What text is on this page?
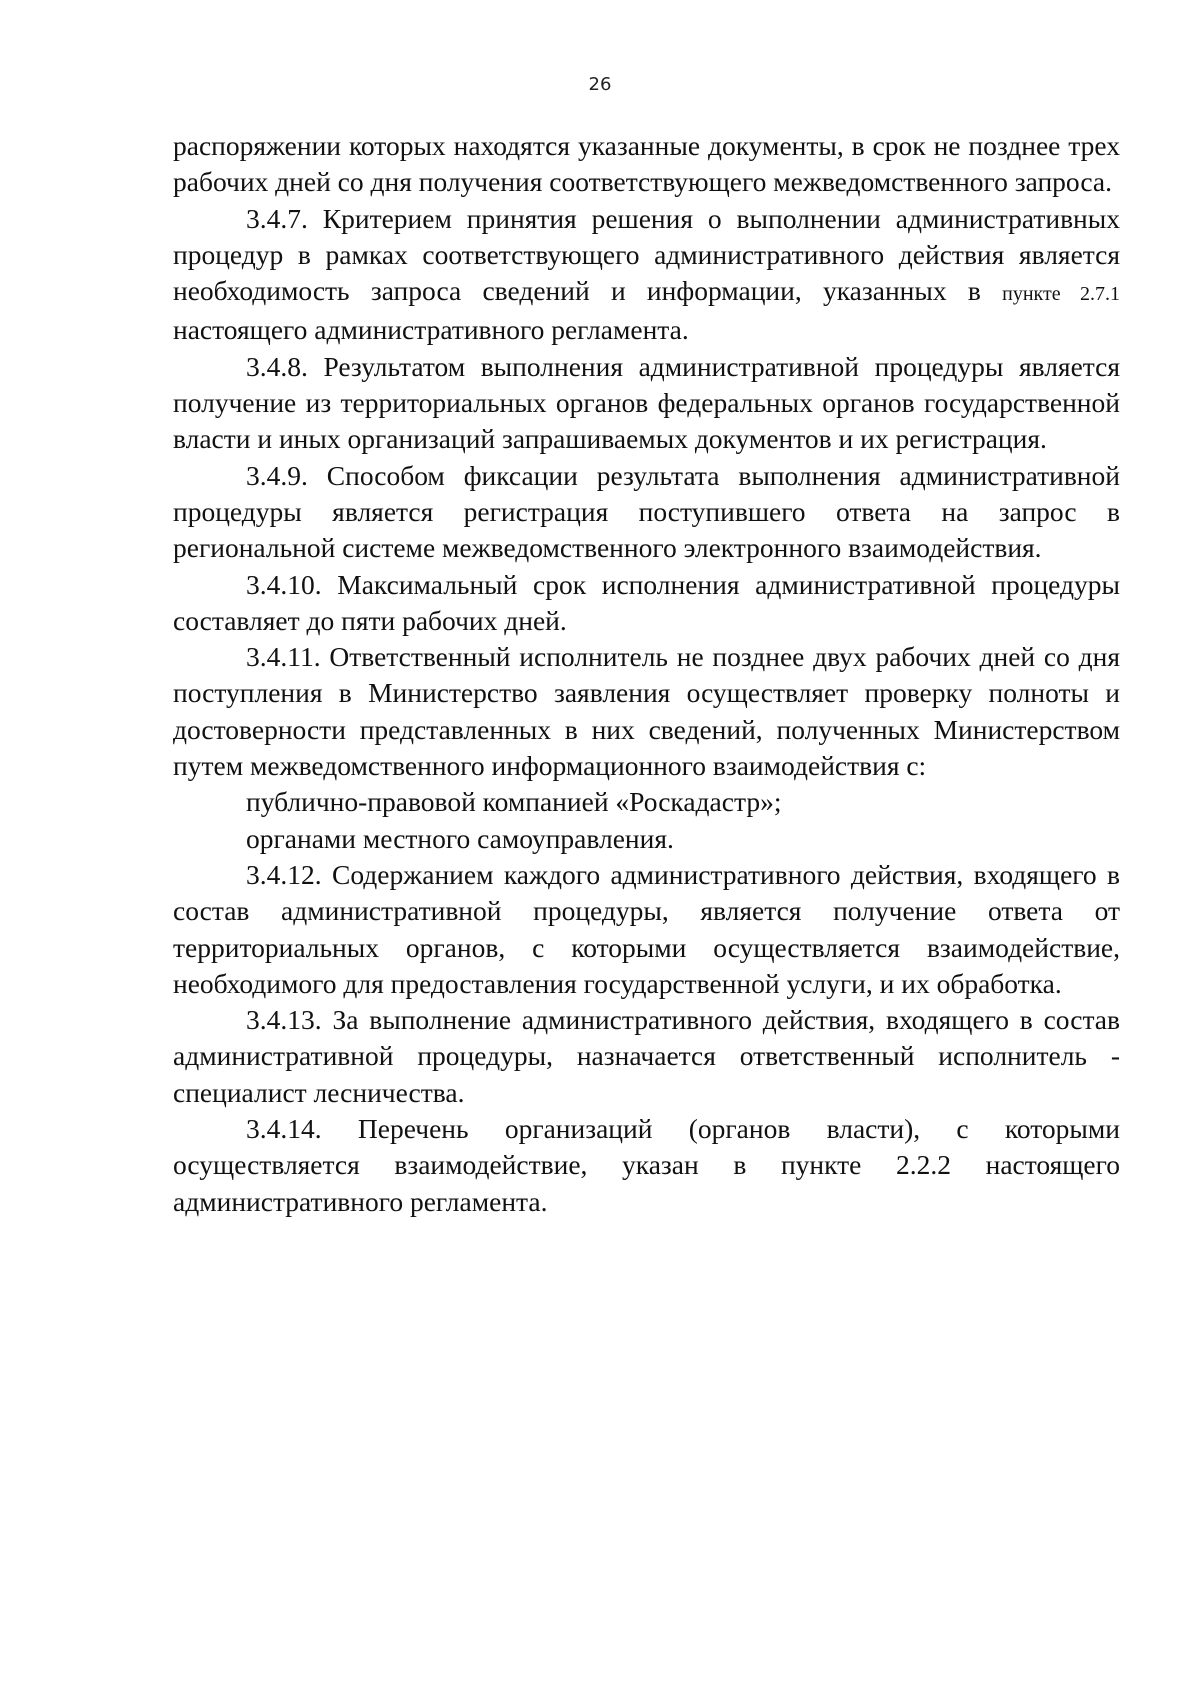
26

распоряжении которых находятся указанные документы, в срок не позднее трех рабочих дней со дня получения соответствующего межведомственного запроса.

3.4.7. Критерием принятия решения о выполнении административных процедур в рамках соответствующего административного действия является необходимость запроса сведений и информации, указанных в пункте 2.7.1 настоящего административного регламента.

3.4.8. Результатом выполнения административной процедуры является получение из территориальных органов федеральных органов государственной власти и иных организаций запрашиваемых документов и их регистрация.

3.4.9. Способом фиксации результата выполнения административной процедуры является регистрация поступившего ответа на запрос в региональной системе межведомственного электронного взаимодействия.

3.4.10. Максимальный срок исполнения административной процедуры составляет до пяти рабочих дней.

3.4.11. Ответственный исполнитель не позднее двух рабочих дней со дня поступления в Министерство заявления осуществляет проверку полноты и достоверности представленных в них сведений, полученных Министерством путем межведомственного информационного взаимодействия с:

публично-правовой компанией «Роскадастр»;

органами местного самоуправления.

3.4.12. Содержанием каждого административного действия, входящего в состав административной процедуры, является получение ответа от территориальных органов, с которыми осуществляется взаимодействие, необходимого для предоставления государственной услуги, и их обработка.

3.4.13. За выполнение административного действия, входящего в состав административной процедуры, назначается ответственный исполнитель - специалист лесничества.

3.4.14. Перечень организаций (органов власти), с которыми осуществляется взаимодействие, указан в пункте 2.2.2 настоящего административного регламента.
